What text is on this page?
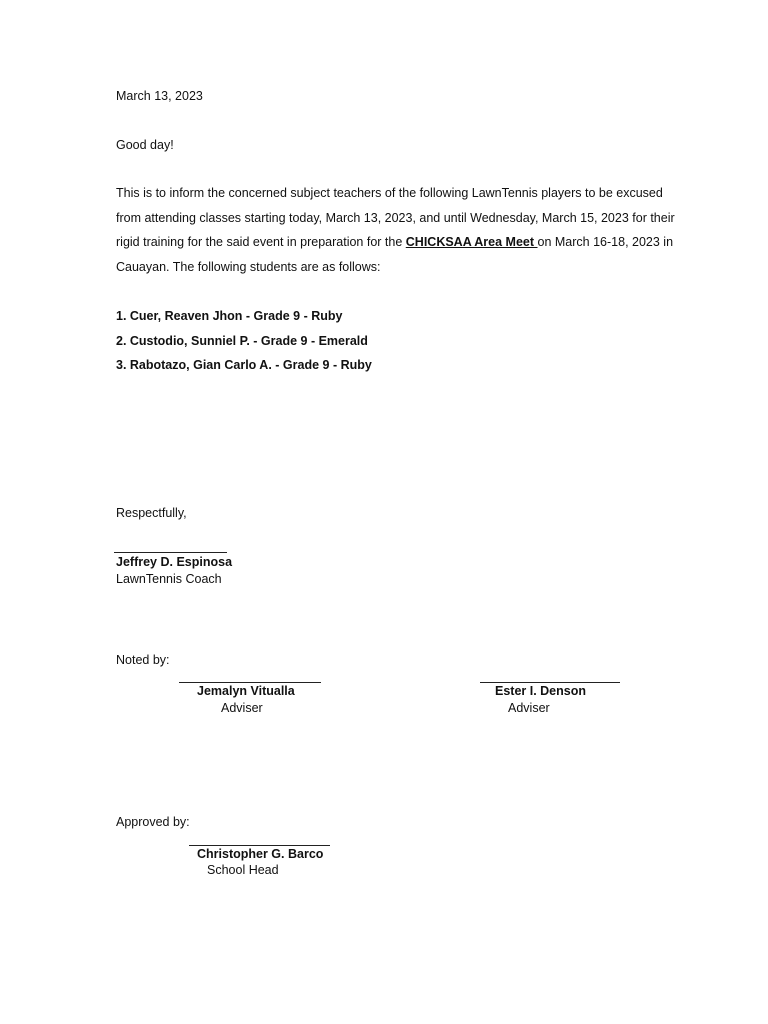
March 13, 2023
Good day!
This is to inform the concerned subject teachers of the following LawnTennis players to be excused from attending classes starting today, March 13, 2023, and until Wednesday, March 15, 2023 for their rigid training for the said event in preparation for the CHICKSAA Area Meet on March 16-18, 2023 in Cauayan. The following students are as follows:
1. Cuer, Reaven Jhon - Grade 9 - Ruby
2. Custodio, Sunniel P. - Grade 9 - Emerald
3. Rabotazo, Gian Carlo A. - Grade 9 - Ruby
Respectfully,
Jeffrey D. Espinosa
LawnTennis Coach
Noted by:
Jemalyn Vitualla
Adviser
Ester I. Denson
Adviser
Approved by:
Christopher G. Barco
School Head
